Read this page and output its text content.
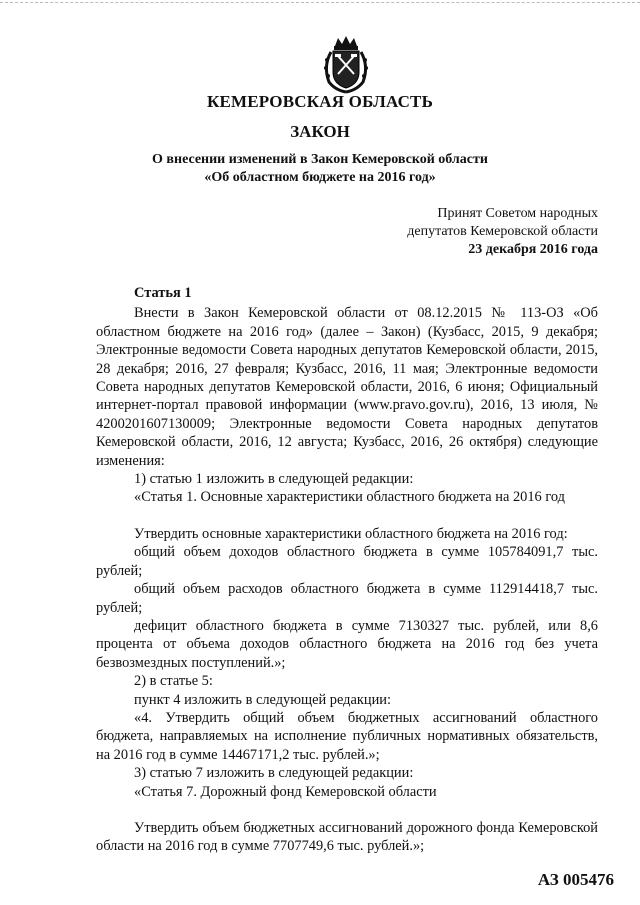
КЕМЕРОВСКАЯ ОБЛАСТЬ
ЗАКОН
О внесении изменений в Закон Кемеровской области
«Об областном бюджете на 2016 год»
Принят Советом народных
депутатов Кемеровской области
23 декабря 2016 года

Статья 1

Внести в Закон Кемеровской области от 08.12.2015 № 113-ОЗ «Об областном бюджете на 2016 год» (далее – Закон) (Кузбасс, 2015, 9 декабря; Электронные ведомости Совета народных депутатов Кемеровской области, 2015, 28 декабря; 2016, 27 февраля; Кузбасс, 2016, 11 мая; Электронные ведомости Совета народных депутатов Кемеровской области, 2016, 6 июня; Официальный интернет-портал правовой информации (www.pravo.gov.ru), 2016, 13 июля, № 4200201607130009; Электронные ведомости Совета народных депутатов Кемеровской области, 2016, 12 августа; Кузбасс, 2016, 26 октября) следующие изменения:

1) статью 1 изложить в следующей редакции:

«Статья 1. Основные характеристики областного бюджета на 2016 год

Утвердить основные характеристики областного бюджета на 2016 год:

общий объем доходов областного бюджета в сумме 105784091,7 тыс. рублей;

общий объем расходов областного бюджета в сумме 112914418,7 тыс. рублей;

дефицит областного бюджета в сумме 7130327 тыс. рублей, или 8,6 процента от объема доходов областного бюджета на 2016 год без учета безвозмездных поступлений.»;

2) в статье 5:

пункт 4 изложить в следующей редакции:

«4. Утвердить общий объем бюджетных ассигнований областного бюджета, направляемых на исполнение публичных нормативных обязательств, на 2016 год в сумме 14467171,2 тыс. рублей.»;

3) статью 7 изложить в следующей редакции:

«Статья 7. Дорожный фонд Кемеровской области

Утвердить объем бюджетных ассигнований дорожного фонда Кемеровской области на 2016 год в сумме 7707749,6 тыс. рублей.»;

АЗ 005476
